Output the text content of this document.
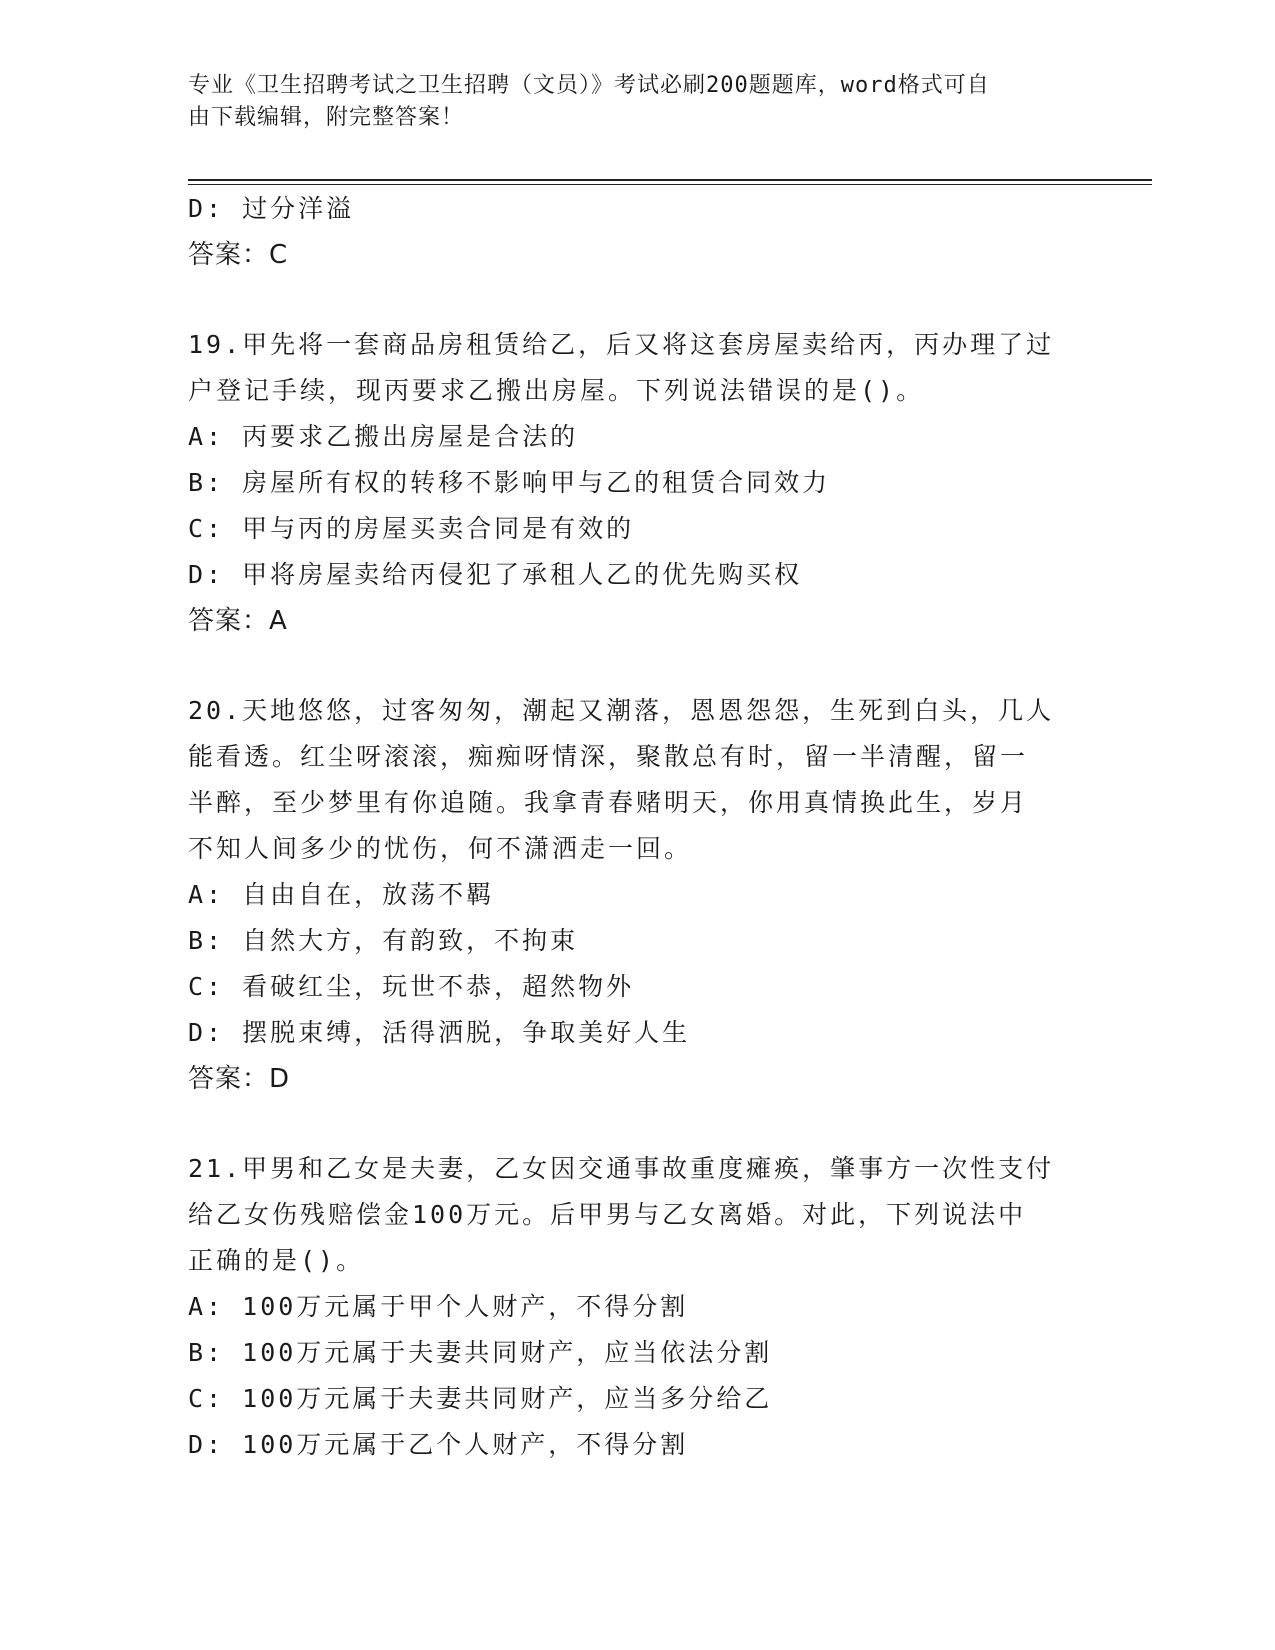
专业《卫生招聘考试之卫生招聘（文员）》考试必刷200题题库，word格式可自
由下载编辑，附完整答案！
D: 过分洋溢
答案：C
19.甲先将一套商品房租赁给乙，后又将这套房屋卖给丙，丙办理了过
户登记手续，现丙要求乙搬出房屋。下列说法错误的是()。
A: 丙要求乙搬出房屋是合法的
B: 房屋所有权的转移不影响甲与乙的租赁合同效力
C: 甲与丙的房屋买卖合同是有效的
D: 甲将房屋卖给丙侵犯了承租人乙的优先购买权
答案：A
20.天地悠悠，过客匆匆，潮起又潮落，恩恩怨怨，生死到白头，几人
能看透。红尘呀滚滚，痴痴呀情深，聚散总有时，留一半清醒，留一
半醉，至少梦里有你追随。我拿青春赌明天，你用真情换此生，岁月
不知人间多少的忧伤，何不潇洒走一回。
A: 自由自在，放荡不羁
B: 自然大方，有韵致，不拘束
C: 看破红尘，玩世不恭，超然物外
D: 摆脱束缚，活得洒脱，争取美好人生
答案：D
21.甲男和乙女是夫妻，乙女因交通事故重度瘫痪，肇事方一次性支付
给乙女伤残赔偿金100万元。后甲男与乙女离婚。对此，下列说法中
正确的是()。
A: 100万元属于甲个人财产，不得分割
B: 100万元属于夫妻共同财产，应当依法分割
C: 100万元属于夫妻共同财产，应当多分给乙
D: 100万元属于乙个人财产，不得分割
